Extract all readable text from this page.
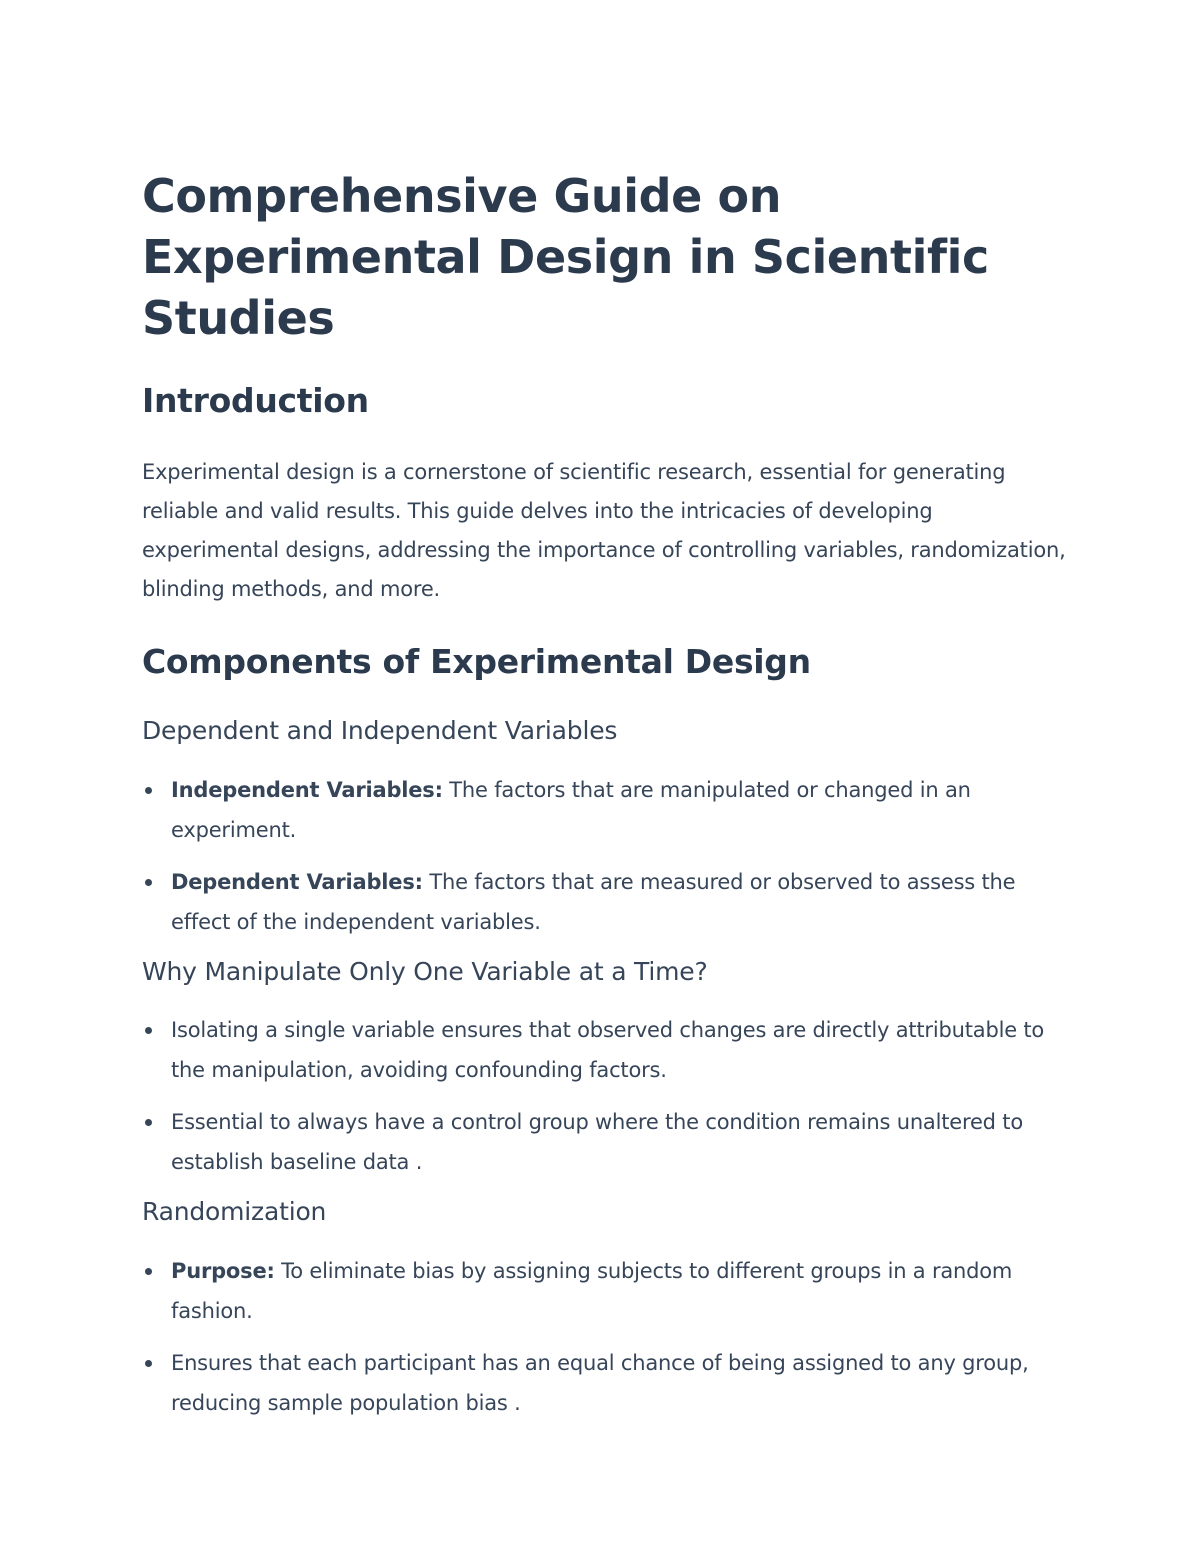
Comprehensive Guide on Experimental Design in Scientific Studies
Introduction

Experimental design is a cornerstone of scientific research, essential for generating reliable and valid results. This guide delves into the intricacies of developing experimental designs, addressing the importance of controlling variables, randomization, blinding methods, and more.

Components of Experimental Design
Dependent and Independent Variables
Independent Variables: The factors that are manipulated or changed in an experiment.
Dependent Variables: The factors that are measured or observed to assess the effect of the independent variables.
Why Manipulate Only One Variable at a Time?
Isolating a single variable ensures that observed changes are directly attributable to the manipulation, avoiding confounding factors.
Essential to always have a control group where the condition remains unaltered to establish baseline data .
Randomization
Purpose: To eliminate bias by assigning subjects to different groups in a random fashion.
Ensures that each participant has an equal chance of being assigned to any group, reducing sample population bias .
